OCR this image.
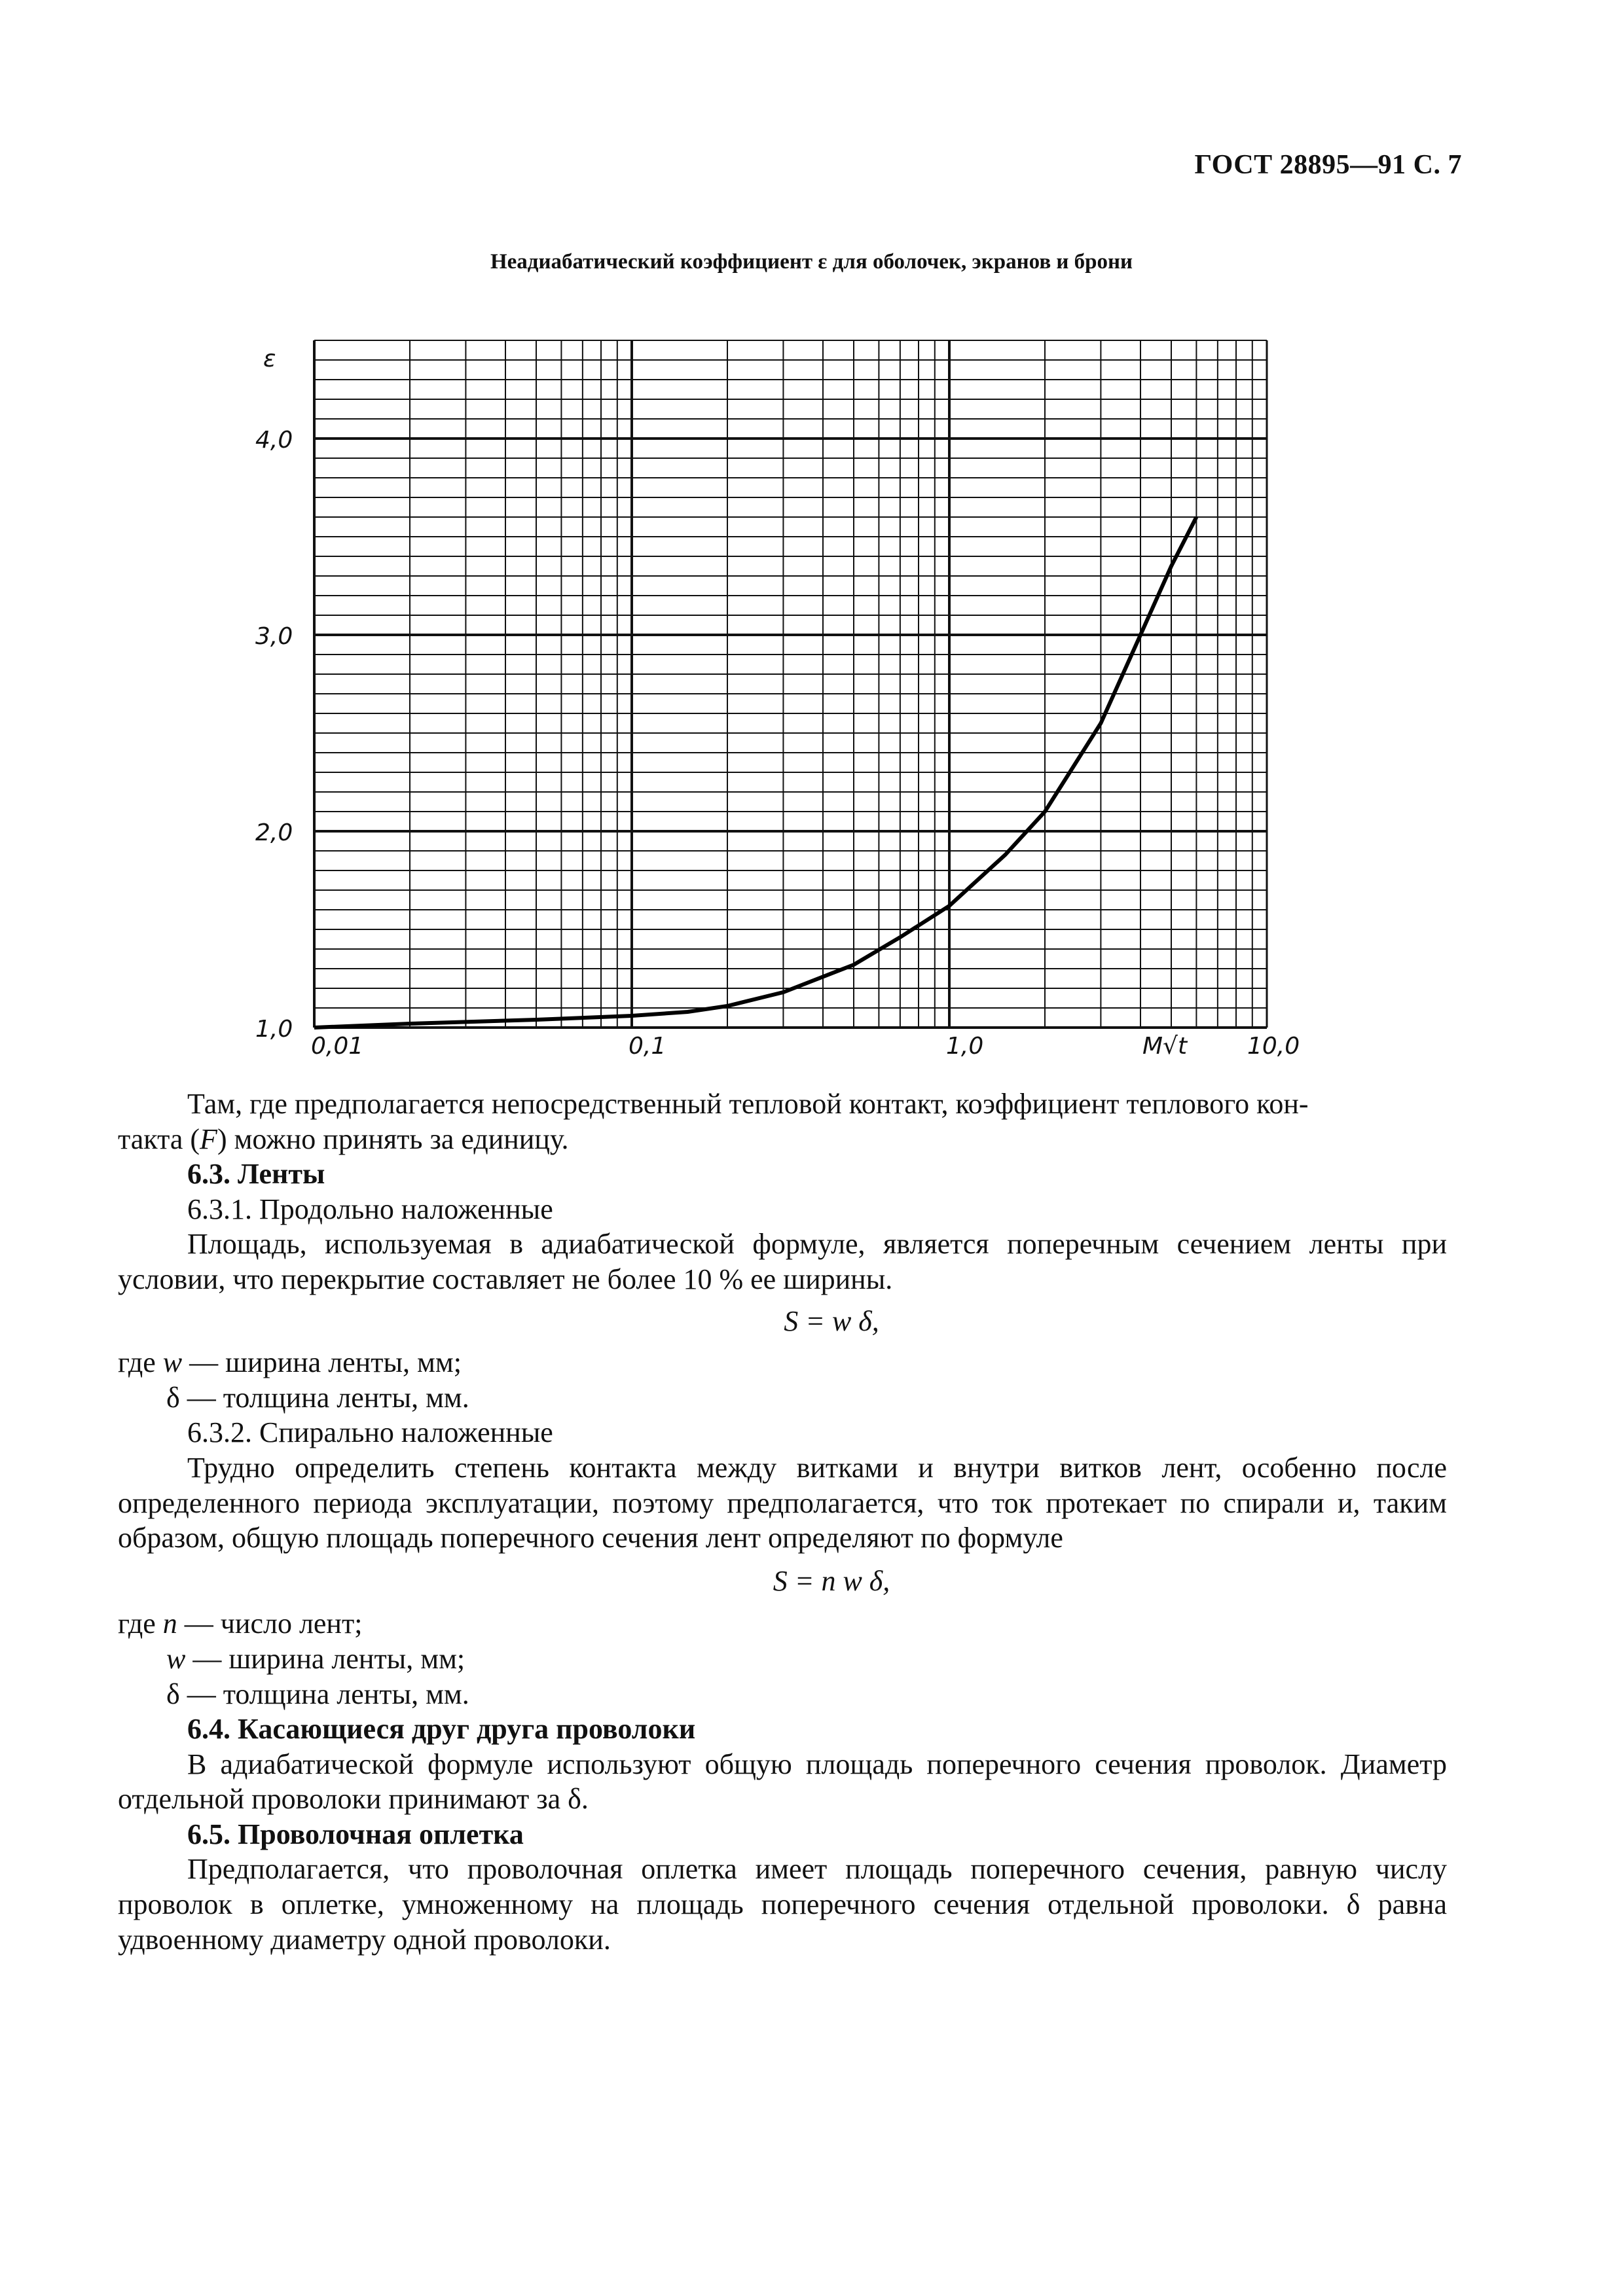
ГОСТ 28895—91 С. 7
Неадиабатический коэффициент ε для оболочек, экранов и брони
1,0
2,0
3,0
4,0
0,01	0,1	1,0	10,0
ε
M√t

Там, где предполагается непосредственный тепловой контакт, коэффициент теплового кон-

такта (F) можно принять за единицу.

6.3. Ленты

6.3.1. Продольно наложенные

Площадь, используемая в адиабатической формуле, является поперечным сечением ленты при условии, что перекрытие составляет не более 10 % ее ширины.

S = w δ,

где w — ширина ленты, мм;

δ — толщина ленты, мм.

6.3.2. Спирально наложенные

Трудно определить степень контакта между витками и внутри витков лент, особенно после определенного периода эксплуатации, поэтому предполагается, что ток протекает по спирали и, таким образом, общую площадь поперечного сечения лент определяют по формуле

S = n w δ,

где n — число лент;

w — ширина ленты, мм;

δ — толщина ленты, мм.

6.4. Касающиеся друг друга проволоки

В адиабатической формуле используют общую площадь поперечного сечения проволок. Диаметр отдельной проволоки принимают за δ.

6.5. Проволочная оплетка

Предполагается, что проволочная оплетка имеет площадь поперечного сечения, равную числу проволок в оплетке, умноженному на площадь поперечного сечения отдельной проволоки. δ равна удвоенному диаметру одной проволоки.
